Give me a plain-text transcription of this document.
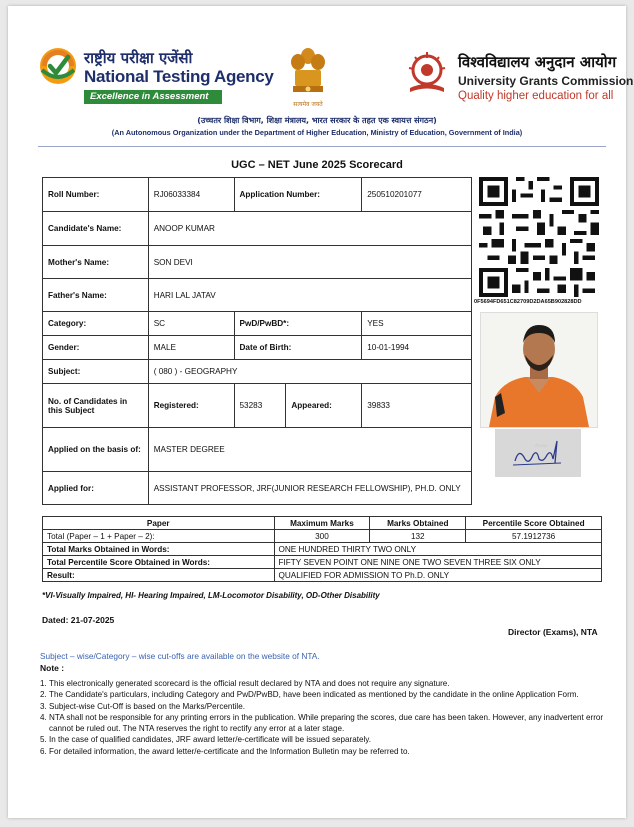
राष्ट्रीय परीक्षा एजेंसी
National Testing Agency
Excellence in Assessment
सत्यमेव जयते
विश्वविद्यालय अनुदान आयोग
University Grants Commission
Quality higher education for all
(उच्चतर शिक्षा विभाग, शिक्षा मंत्रालय, भारत सरकार के तहत एक स्वायत्त संगठन)
(An Autonomous Organization under the Department of Higher Education, Ministry of Education, Government of India)
UGC – NET June 2025 Scorecard
Roll Number:	RJ06033384	Application Number:		250510201077
Candidate's Name:	ANOOP KUMAR			
Mother's Name:	SON DEVI			
Father's Name:	HARI LAL JATAV			
Category:	SC	PwD/PwBD*:		YES
Gender:	MALE	Date of Birth:		10-01-1994
Subject:	( 080 ) - GEOGRAPHY			
No. of Candidates in this Subject	Registered:	53283	Appeared:	39833
Applied on the basis of:	MASTER DEGREE			
Applied for:	ASSISTANT PROFESSOR, JRF(JUNIOR RESEARCH FELLOWSHIP), PH.D. ONLY			
0F5694FD651C82709D2DA65B902828DD
Anoop
Paper	Maximum Marks	Marks Obtained	Percentile Score Obtained
Total (Paper – 1 + Paper – 2):	300	132	57.1912736
Total Marks Obtained in Words:	ONE HUNDRED THIRTY TWO ONLY		
Total Percentile Score Obtained in Words:	FIFTY SEVEN POINT ONE NINE ONE TWO SEVEN THREE SIX ONLY		
Result:	QUALIFIED FOR ADMISSION TO Ph.D. ONLY		
*VI-Visually Impaired, HI- Hearing Impaired, LM-Locomotor Disability, OD-Other Disability
Dated: 21-07-2025
Director (Exams), NTA
Subject – wise/Category – wise cut-offs are available on the website of NTA.
Note :
1. This electronically generated scorecard is the official result declared by NTA and does not require any signature.
2. The Candidate's particulars, including Category and PwD/PwBD, have been indicated as mentioned by the candidate in the online Application Form.
3. Subject-wise Cut-Off is based on the Marks/Percentile.
4. NTA shall not be responsible for any printing errors in the publication. While preparing the scores, due care has been taken. However, any inadvertent error cannot be ruled out. The NTA reserves the right to rectify any error at a later stage.
5. In the case of qualified candidates, JRF award letter/e-certificate will be issued separately.
6. For detailed information, the award letter/e-certificate and the Information Bulletin may be referred to.
